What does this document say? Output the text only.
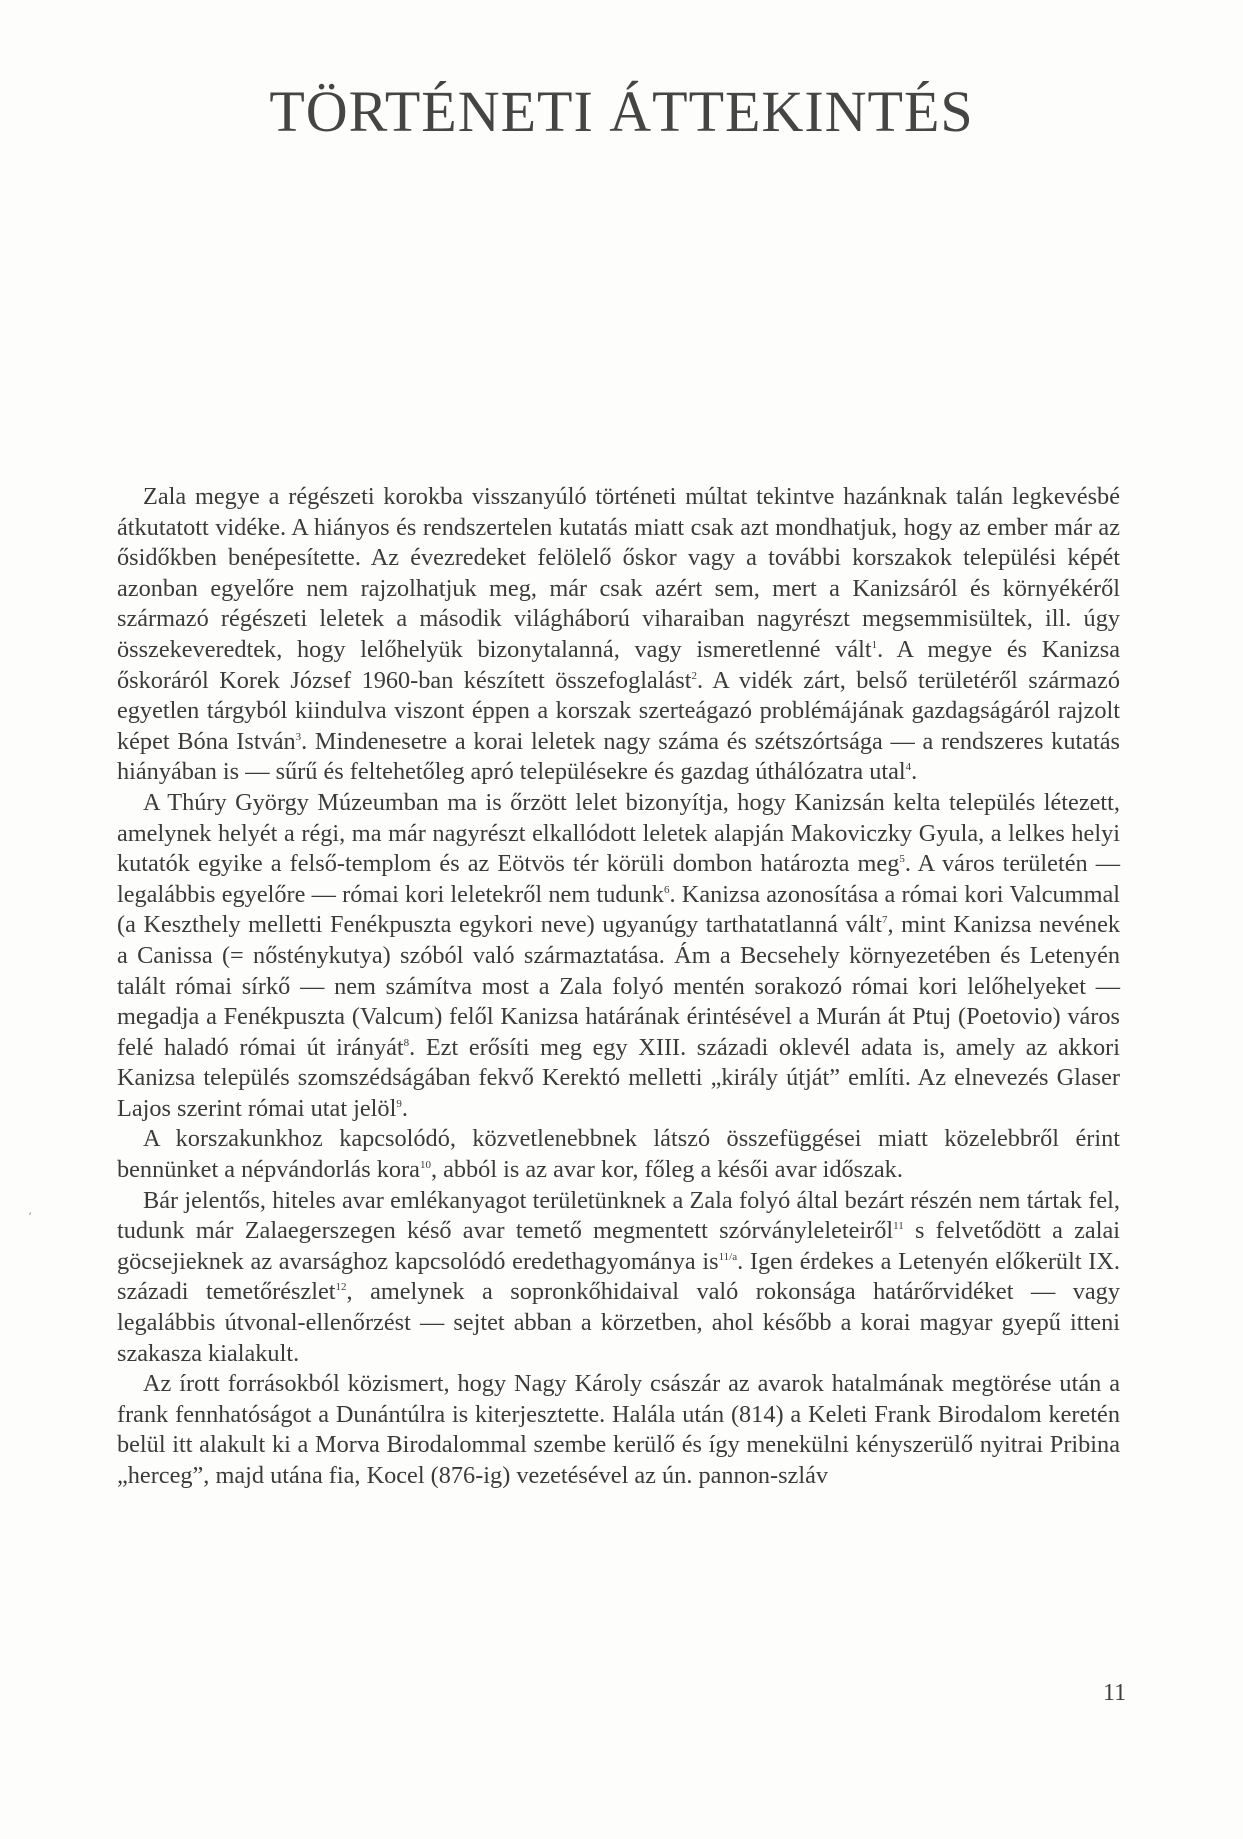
TÖRTÉNETI ÁTTEKINTÉS

Zala megye a régészeti korokba visszanyúló történeti múltat tekintve hazánknak talán legkevésbé átkutatott vidéke. A hiányos és rendszertelen kutatás miatt csak azt mondhatjuk, hogy az ember már az ősidőkben benépesítette. Az évezredeket felölelő őskor vagy a további korszakok települési képét azonban egyelőre nem rajzolhatjuk meg, már csak azért sem, mert a Kanizsáról és környékéről származó régészeti leletek a második világháború viharaiban nagyrészt megsemmisültek, ill. úgy összekeveredtek, hogy lelőhelyük bizonytalanná, vagy ismeretlenné vált$^1$. A megye és Kanizsa őskoráról Korek József 1960-ban készített összefoglalást$^2$. A vidék zárt, belső területéről származó egyetlen tárgyból kiindulva viszont éppen a korszak szerteágazó problémájának gazdagságáról rajzolt képet Bóna István$^3$. Mindenesetre a korai leletek nagy száma és szétszórtsága — a rendszeres kutatás hiányában is — sűrű és feltehetőleg apró településekre és gazdag úthálózatra utal$^4$.

A Thúry György Múzeumban ma is őrzött lelet bizonyítja, hogy Kanizsán kelta település létezett, amelynek helyét a régi, ma már nagyrészt elkallódott leletek alapján Makoviczky Gyula, a lelkes helyi kutatók egyike a felső-templom és az Eötvös tér körüli dombon határozta meg$^5$. A város területén — legalábbis egyelőre — római kori leletekről nem tudunk$^6$. Kanizsa azonosítása a római kori Valcummal (a Keszthely melletti Fenékpuszta egykori neve) ugyanúgy tarthatatlanná vált$^7$, mint Kanizsa nevének a Canissa (= nősténykutya) szóból való származtatása. Ám a Becsehely környezetében és Letenyén talált római sírkő — nem számítva most a Zala folyó mentén sorakozó római kori lelőhelyeket — megadja a Fenékpuszta (Valcum) felől Kanizsa határának érintésével a Murán át Ptuj (Poetovio) város felé haladó római út irányát$^8$. Ezt erősíti meg egy XIII. századi oklevél adata is, amely az akkori Kanizsa település szomszédságában fekvő Kerektó melletti „király útját” említi. Az elnevezés Glaser Lajos szerint római utat jelöl$^9$.

A korszakunkhoz kapcsolódó, közvetlenebbnek látszó összefüggései miatt közelebbről érint bennünket a népvándorlás kora$^{10}$, abból is az avar kor, főleg a késői avar időszak.

Bár jelentős, hiteles avar emlékanyagot területünknek a Zala folyó által bezárt részén nem tártak fel, tudunk már Zalaegerszegen késő avar temető megmentett szórványleleteiről$^{11}$ s felvetődött a zalai göcsejieknek az avarsághoz kapcsolódó eredethagyománya $is^{11/a}$. Igen érdekes a Letenyén előkerült IX. századi temetőrészlet$^{12}$, amelynek a sopronkőhidaival való rokonsága határőrvidéket — vagy legalábbis útvonal-ellenőrzést — sejtet abban a körzetben, ahol később a korai magyar gyepű itteni szakasza kialakult.

Az írott forrásokból közismert, hogy Nagy Károly császár az avarok hatalmának megtörése után a frank fennhatóságot a Dunántúlra is kiterjesztette. Halála után (814) a Keleti Frank Birodalom keretén belül itt alakult ki a Morva Birodalommal szembe kerülő és így menekülni kényszerülő nyitrai Pribina „herceg”, majd utána fia, Kocel (876-ig) vezetésével az ún. pannon-szláv

ʻ
11
